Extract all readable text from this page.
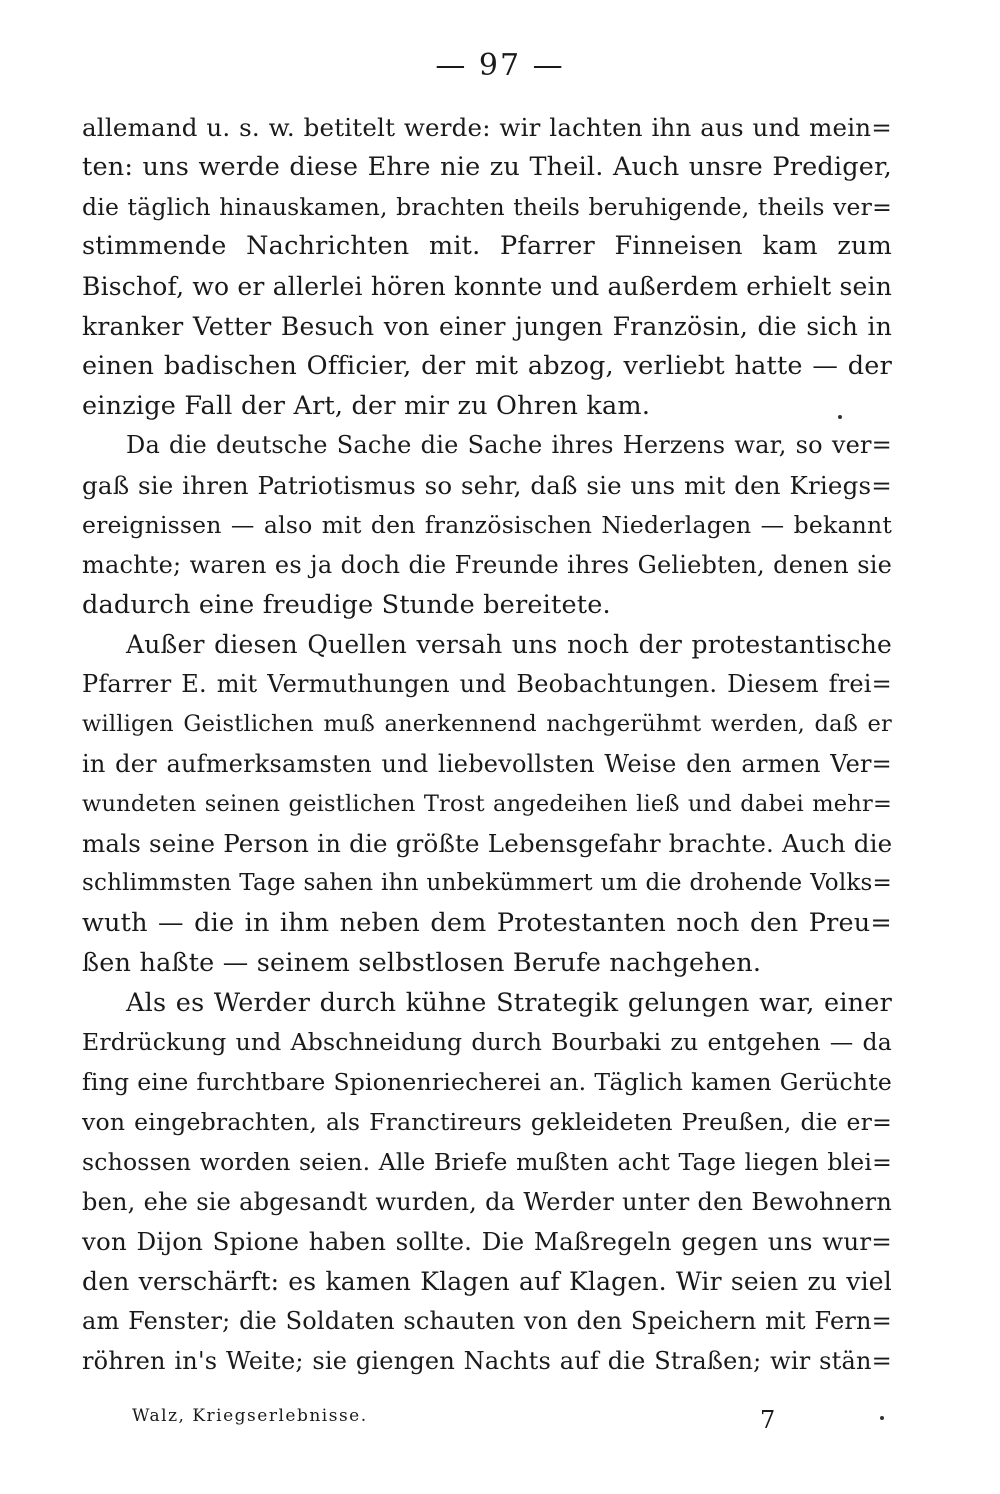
— 97 —
allemand u. s. w. betitelt werde: wir lachten ihn aus und mein=
ten: uns werde diese Ehre nie zu Theil. Auch unsre Prediger,
die täglich hinauskamen, brachten theils beruhigende, theils ver=
stimmende Nachrichten mit. Pfarrer Finneisen kam zum
Bischof, wo er allerlei hören konnte und außerdem erhielt sein
kranker Vetter Besuch von einer jungen Französin, die sich in
einen badischen Officier, der mit abzog, verliebt hatte — der
einzige Fall der Art, der mir zu Ohren kam.
Da die deutsche Sache die Sache ihres Herzens war, so ver=
gaß sie ihren Patriotismus so sehr, daß sie uns mit den Kriegs=
ereignissen — also mit den französischen Niederlagen — bekannt
machte; waren es ja doch die Freunde ihres Geliebten, denen sie
dadurch eine freudige Stunde bereitete.
Außer diesen Quellen versah uns noch der protestantische
Pfarrer E. mit Vermuthungen und Beobachtungen. Diesem frei=
willigen Geistlichen muß anerkennend nachgerühmt werden, daß er
in der aufmerksamsten und liebevollsten Weise den armen Ver=
wundeten seinen geistlichen Trost angedeihen ließ und dabei mehr=
mals seine Person in die größte Lebensgefahr brachte. Auch die
schlimmsten Tage sahen ihn unbekümmert um die drohende Volks=
wuth — die in ihm neben dem Protestanten noch den Preu=
ßen haßte — seinem selbstlosen Berufe nachgehen.
Als es Werder durch kühne Strategik gelungen war, einer
Erdrückung und Abschneidung durch Bourbaki zu entgehen — da
fing eine furchtbare Spionenriecherei an. Täglich kamen Gerüchte
von eingebrachten, als Franctireurs gekleideten Preußen, die er=
schossen worden seien. Alle Briefe mußten acht Tage liegen blei=
ben, ehe sie abgesandt wurden, da Werder unter den Bewohnern
von Dijon Spione haben sollte. Die Maßregeln gegen uns wur=
den verschärft: es kamen Klagen auf Klagen. Wir seien zu viel
am Fenster; die Soldaten schauten von den Speichern mit Fern=
röhren in's Weite; sie giengen Nachts auf die Straßen; wir stän=
Walz, Kriegserlebnisse.	7
